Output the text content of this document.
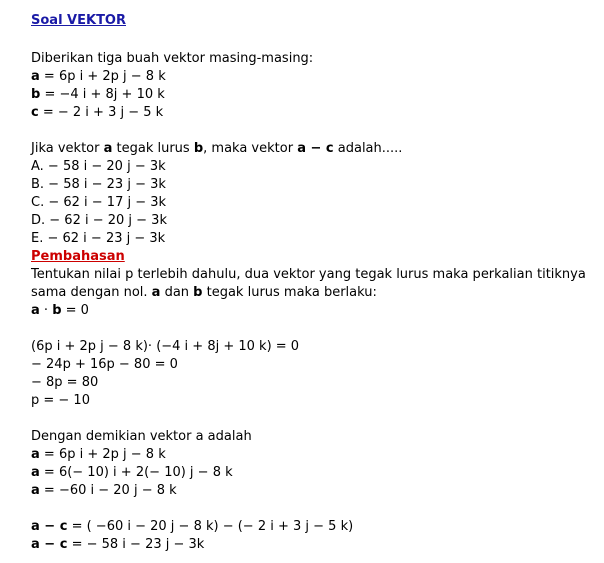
Soal VEKTOR
Diberikan tiga buah vektor masing-masing:
a = 6p i + 2p j − 8 k
b = −4 i + 8j + 10 k
c = − 2 i + 3 j − 5 k
Jika vektor a tegak lurus b, maka vektor a − c adalah.....
A. − 58 i − 20 j − 3k
B. − 58 i − 23 j − 3k
C. − 62 i − 17 j − 3k
D. − 62 i − 20 j − 3k
E. − 62 i − 23 j − 3k
Pembahasan
Tentukan nilai p terlebih dahulu, dua vektor yang tegak lurus maka perkalian titiknya
sama dengan nol. a dan b tegak lurus maka berlaku:
a · b = 0
(6p i + 2p j − 8 k)· (−4 i + 8j + 10 k) = 0
− 24p + 16p − 80 = 0
− 8p = 80
p = − 10
Dengan demikian vektor a adalah
a = 6p i + 2p j − 8 k
a = 6(− 10) i + 2(− 10) j − 8 k
a = −60 i − 20 j − 8 k
a − c = ( −60 i − 20 j − 8 k) − (− 2 i + 3 j − 5 k)
a − c = − 58 i − 23 j − 3k
